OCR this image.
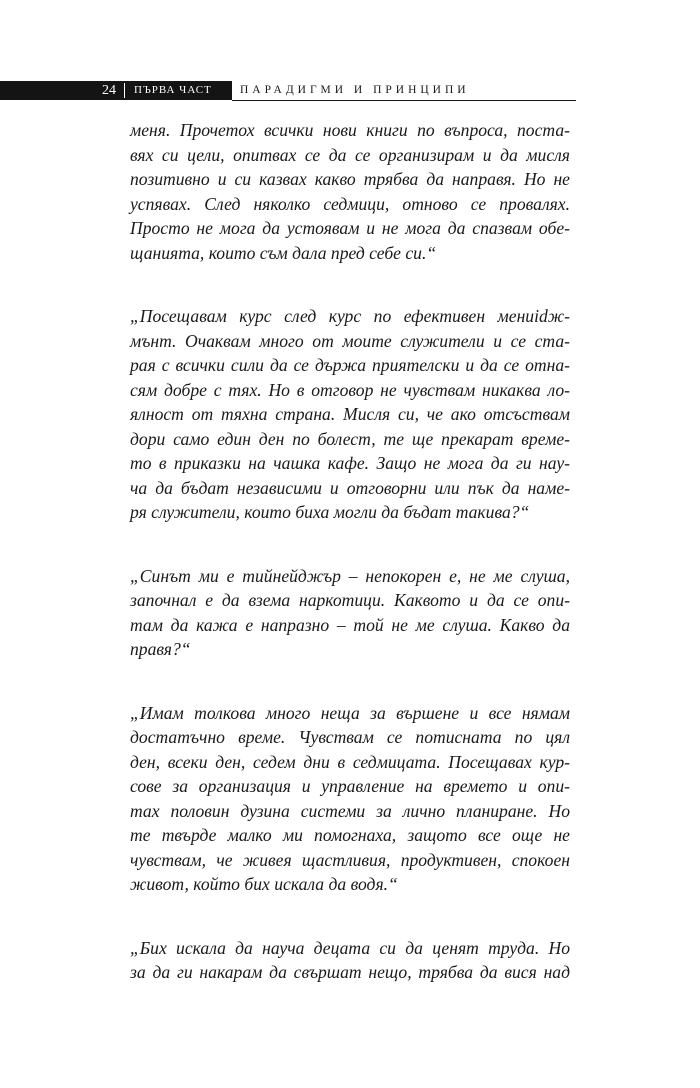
24	ПЪРВА ЧАСТ ПАРАДИГМИ И ПРИНЦИПИ

меня. Прочетох всички нови книги по въпроса, поста-
вях си цели, опитвах се да се организирам и да мисля
позитивно и си казвах какво трябва да направя. Но не
успявах. След няколко седмици, отново се провалях.
Просто не мога да устоявам и не мога да спазвам обе-
щанията, които съм дала пред себе си.“

„Посещавам курс след курс по ефективен мениidж-
мънт. Очаквам много от моите служители и се ста-
рая с всички сили да се държа приятелски и да се отна-
сям добре с тях. Но в отговор не чувствам никаква ло-
ялност от тяхна страна. Мисля си, че ако отсъствам
дори само един ден по болест, те ще прекарат време-
то в приказки на чашка кафе. Защо не мога да ги нау-
ча да бъдат независими и отговорни или пък да наме-
ря служители, които биха могли да бъдат такива?“

„Синът ми е тийнейджър – непокорен е, не ме слуша,
започнал е да взема наркотици. Каквото и да се опи-
там да кажа е напразно – той не ме слуша. Какво да
правя?“

„Имам толкова много неща за вършене и все нямам
достатъчно време. Чувствам се потисната по цял
ден, всеки ден, седем дни в седмицата. Посещавах кур-
сове за организация и управление на времето и опи-
тах половин дузина системи за лично планиране. Но
те твърде малко ми помогнаха, защото все още не
чувствам, че живея щастливия, продуктивен, спокоен
живот, който бих искала да водя.“

„Бих искала да науча децата си да ценят труда. Но
за да ги накарам да свършат нещо, трябва да вися над
